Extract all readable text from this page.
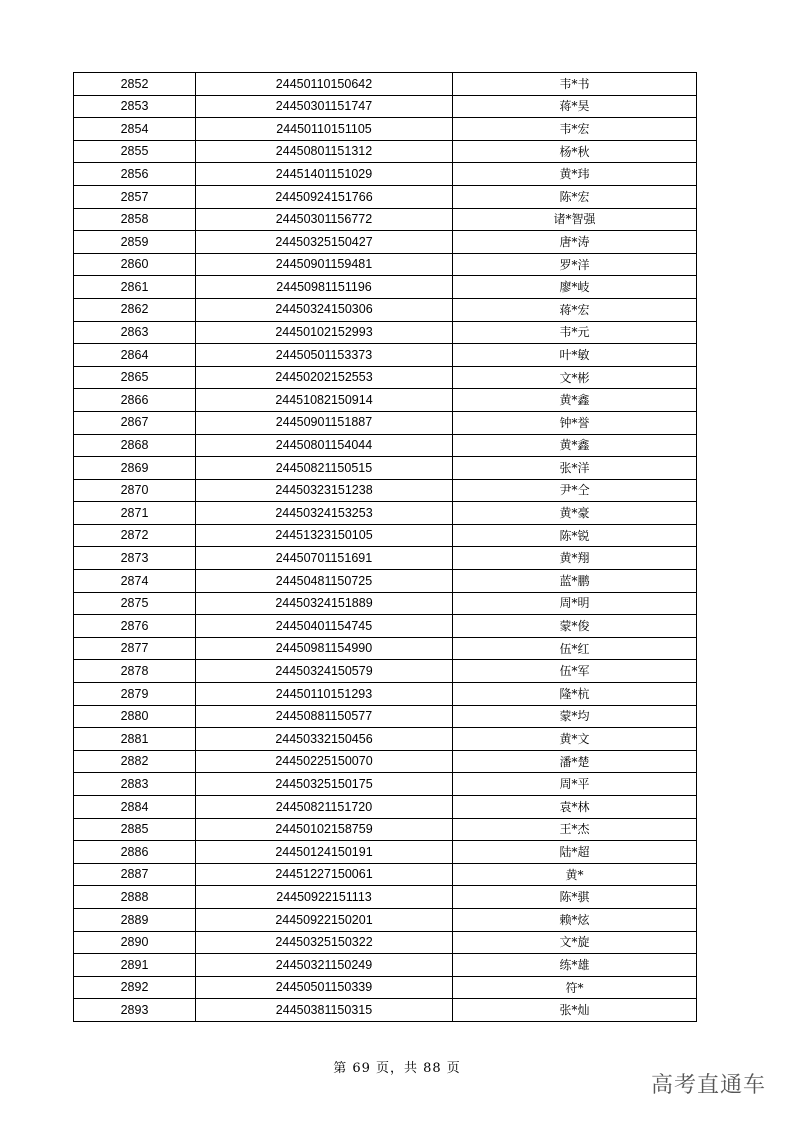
2852	24450110150642	韦*书
2853	24450301151747	蒋*昊
2854	24450110151105	韦*宏
2855	24450801151312	杨*秋
2856	24451401151029	黄*玮
2857	24450924151766	陈*宏
2858	24450301156772	诸*智强
2859	24450325150427	唐*涛
2860	24450901159481	罗*洋
2861	24450981151196	廖*岐
2862	24450324150306	蒋*宏
2863	24450102152993	韦*元
2864	24450501153373	叶*敏
2865	24450202152553	文*彬
2866	24451082150914	黄*鑫
2867	24450901151887	钟*誉
2868	24450801154044	黄*鑫
2869	24450821150515	张*洋
2870	24450323151238	尹*仝
2871	24450324153253	黄*豪
2872	24451323150105	陈*锐
2873	24450701151691	黄*翔
2874	24450481150725	蓝*鹏
2875	24450324151889	周*明
2876	24450401154745	蒙*俊
2877	24450981154990	伍*红
2878	24450324150579	伍*军
2879	24450110151293	隆*杭
2880	24450881150577	蒙*均
2881	24450332150456	黄*文
2882	24450225150070	潘*楚
2883	24450325150175	周*平
2884	24450821151720	袁*林
2885	24450102158759	王*杰
2886	24450124150191	陆*超
2887	24451227150061	黄*
2888	24450922151113	陈*骐
2889	24450922150201	赖*炫
2890	24450325150322	文*旋
2891	24450321150249	练*雄
2892	24450501150339	符*
2893	24450381150315	张*灿
第 69 页，共 88 页
高考直通车
